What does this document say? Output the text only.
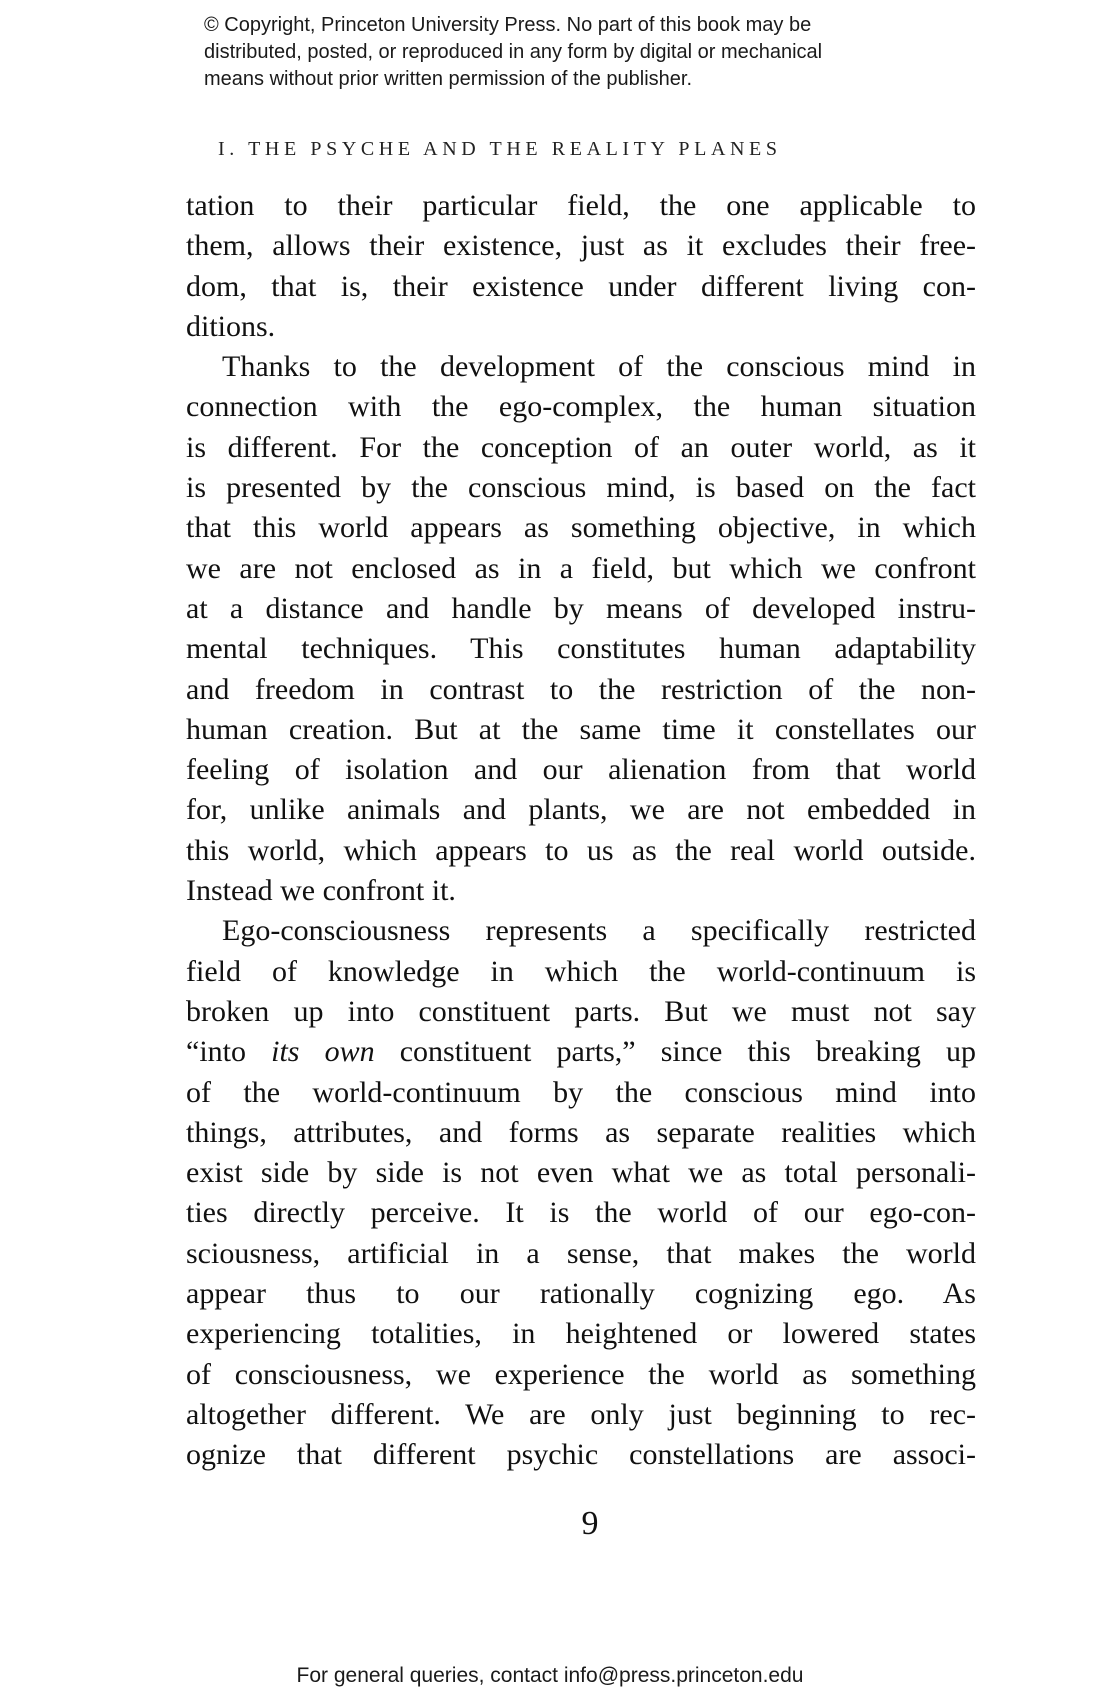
© Copyright, Princeton University Press. No part of this book may be
distributed, posted, or reproduced in any form by digital or mechanical
means without prior written permission of the publisher.
I. THE PSYCHE AND THE REALITY PLANES
tation to their particular field, the one applicable to
them, allows their existence, just as it excludes their free-
dom, that is, their existence under different living con-
ditions.
Thanks to the development of the conscious mind in
connection with the ego-complex, the human situation
is different. For the conception of an outer world, as it
is presented by the conscious mind, is based on the fact
that this world appears as something objective, in which
we are not enclosed as in a field, but which we confront
at a distance and handle by means of developed instru-
mental techniques. This constitutes human adaptability
and freedom in contrast to the restriction of the non-
human creation. But at the same time it constellates our
feeling of isolation and our alienation from that world
for, unlike animals and plants, we are not embedded in
this world, which appears to us as the real world outside.
Instead we confront it.
Ego-consciousness represents a specifically restricted
field of knowledge in which the world-continuum is
broken up into constituent parts. But we must not say
“into its own constituent parts,” since this breaking up
of the world-continuum by the conscious mind into
things, attributes, and forms as separate realities which
exist side by side is not even what we as total personali-
ties directly perceive. It is the world of our ego-con-
sciousness, artificial in a sense, that makes the world
appear thus to our rationally cognizing ego. As
experiencing totalities, in heightened or lowered states
of consciousness, we experience the world as something
altogether different. We are only just beginning to rec-
ognize that different psychic constellations are associ-
9
For general queries, contact info@press.princeton.edu
